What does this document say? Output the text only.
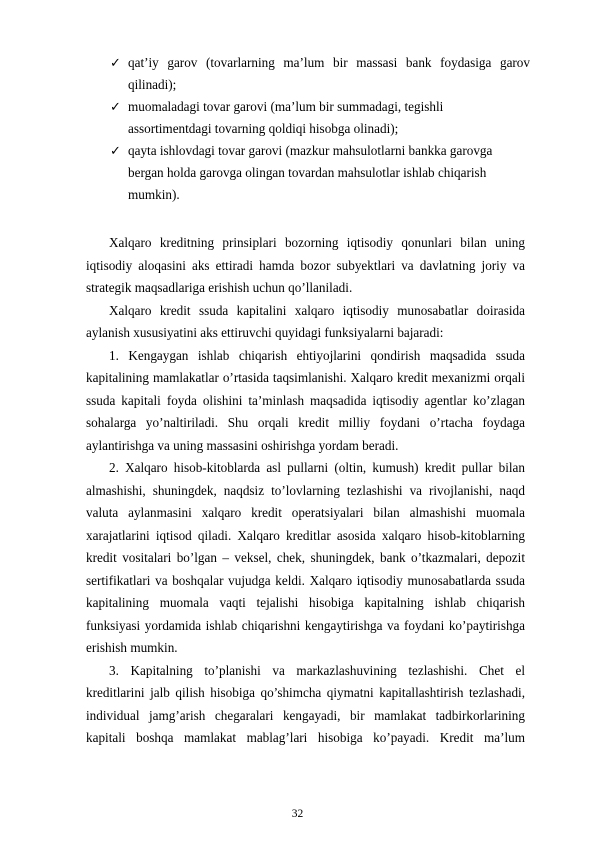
✓ qat’iy garov (tovarlarning ma’lum bir massasi bank foydasiga garov qilinadi);
✓ muomaladagi tovar garovi (ma’lum bir summadagi, tegishli assortimentdagi tovarning qoldiqi hisobga olinadi);
✓ qayta ishlovdagi tovar garovi (mazkur mahsulotlarni bankka garovga bergan holda garovga olingan tovardan mahsulotlar ishlab chiqarish mumkin).

Xalqaro kreditning prinsiplari bozorning iqtisodiy qonunlari bilan uning iqtisodiy aloqasini aks ettiradi hamda bozor subyektlari va davlatning joriy va strategik maqsadlariga erishish uchun qo’llaniladi.

Xalqaro kredit ssuda kapitalini xalqaro iqtisodiy munosabatlar doirasida aylanish xususiyatini aks ettiruvchi quyidagi funksiyalarni bajaradi:

1. Kengaygan ishlab chiqarish ehtiyojlarini qondirish maqsadida ssuda kapitalining mamlakatlar o’rtasida taqsimlanishi. Xalqaro kredit mexanizmi orqali ssuda kapitali foyda olishini ta’minlash maqsadida iqtisodiy agentlar ko’zlagan sohalarga yo’naltiriladi. Shu orqali kredit milliy foydani o’rtacha foydaga aylantirishga va uning massasini oshirishga yordam beradi.

2. Xalqaro hisob-kitoblarda asl pullarni (oltin, kumush) kredit pullar bilan almashishi, shuningdek, naqdsiz to’lovlarning tezlashishi va rivojlanishi, naqd valuta aylanmasini xalqaro kredit operatsiyalari bilan almashishi muomala xarajatlarini iqtisod qiladi. Xalqaro kreditlar asosida xalqaro hisob-kitoblarning kredit vositalari bo’lgan – veksel, chek, shuningdek, bank o’tkazmalari, depozit sertifikatlari va boshqalar vujudga keldi. Xalqaro iqtisodiy munosabatlarda ssuda kapitalining muomala vaqti tejalishi hisobiga kapitalning ishlab chiqarish funksiyasi yordamida ishlab chiqarishni kengaytirishga va foydani ko’paytirishga erishish mumkin.

3. Kapitalning to’planishi va markazlashuvining tezlashishi. Chet el kreditlarini jalb qilish hisobiga qo’shimcha qiymatni kapitallashtirish tezlashadi, individual jamg’arish chegaralari kengayadi, bir mamlakat tadbirkorlarining kapitali boshqa mamlakat mablag’lari hisobiga ko’payadi. Kredit ma’lum

32
